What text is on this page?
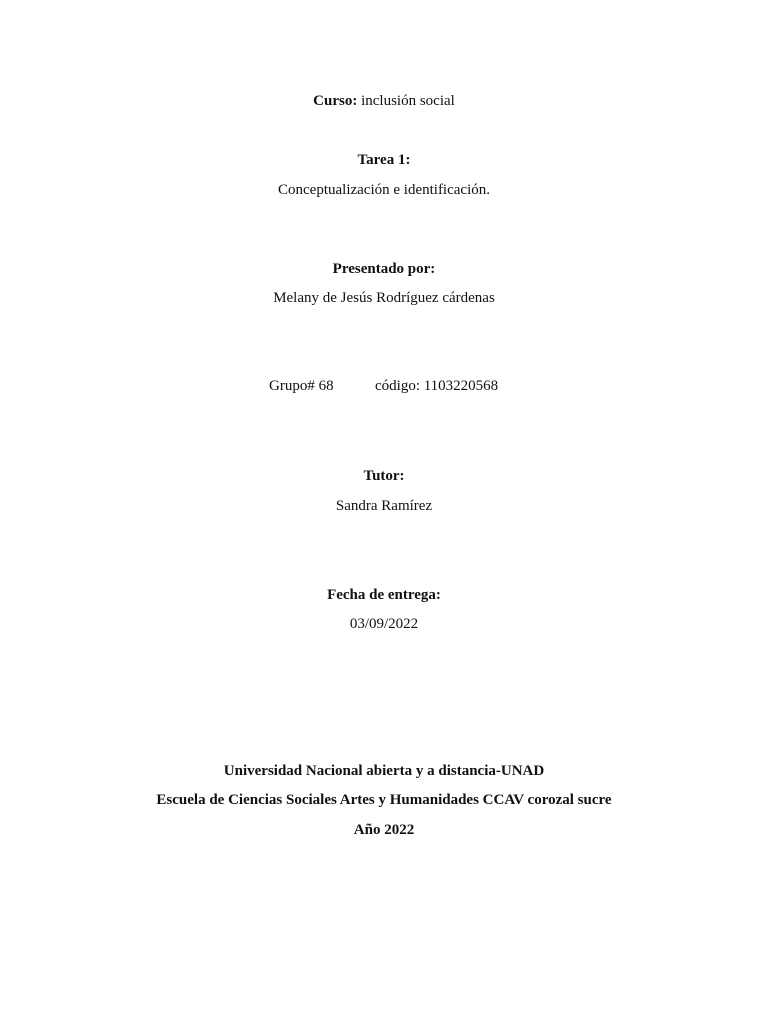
Curso: inclusión social
Tarea 1:
Conceptualización e identificación.
Presentado por:
Melany de Jesús Rodríguez cárdenas
Grupo# 68	código: 1103220568
Tutor:
Sandra Ramírez
Fecha de entrega:
03/09/2022
Universidad Nacional abierta y a distancia-UNAD
Escuela de Ciencias Sociales Artes y Humanidades CCAV corozal sucre
Año 2022
